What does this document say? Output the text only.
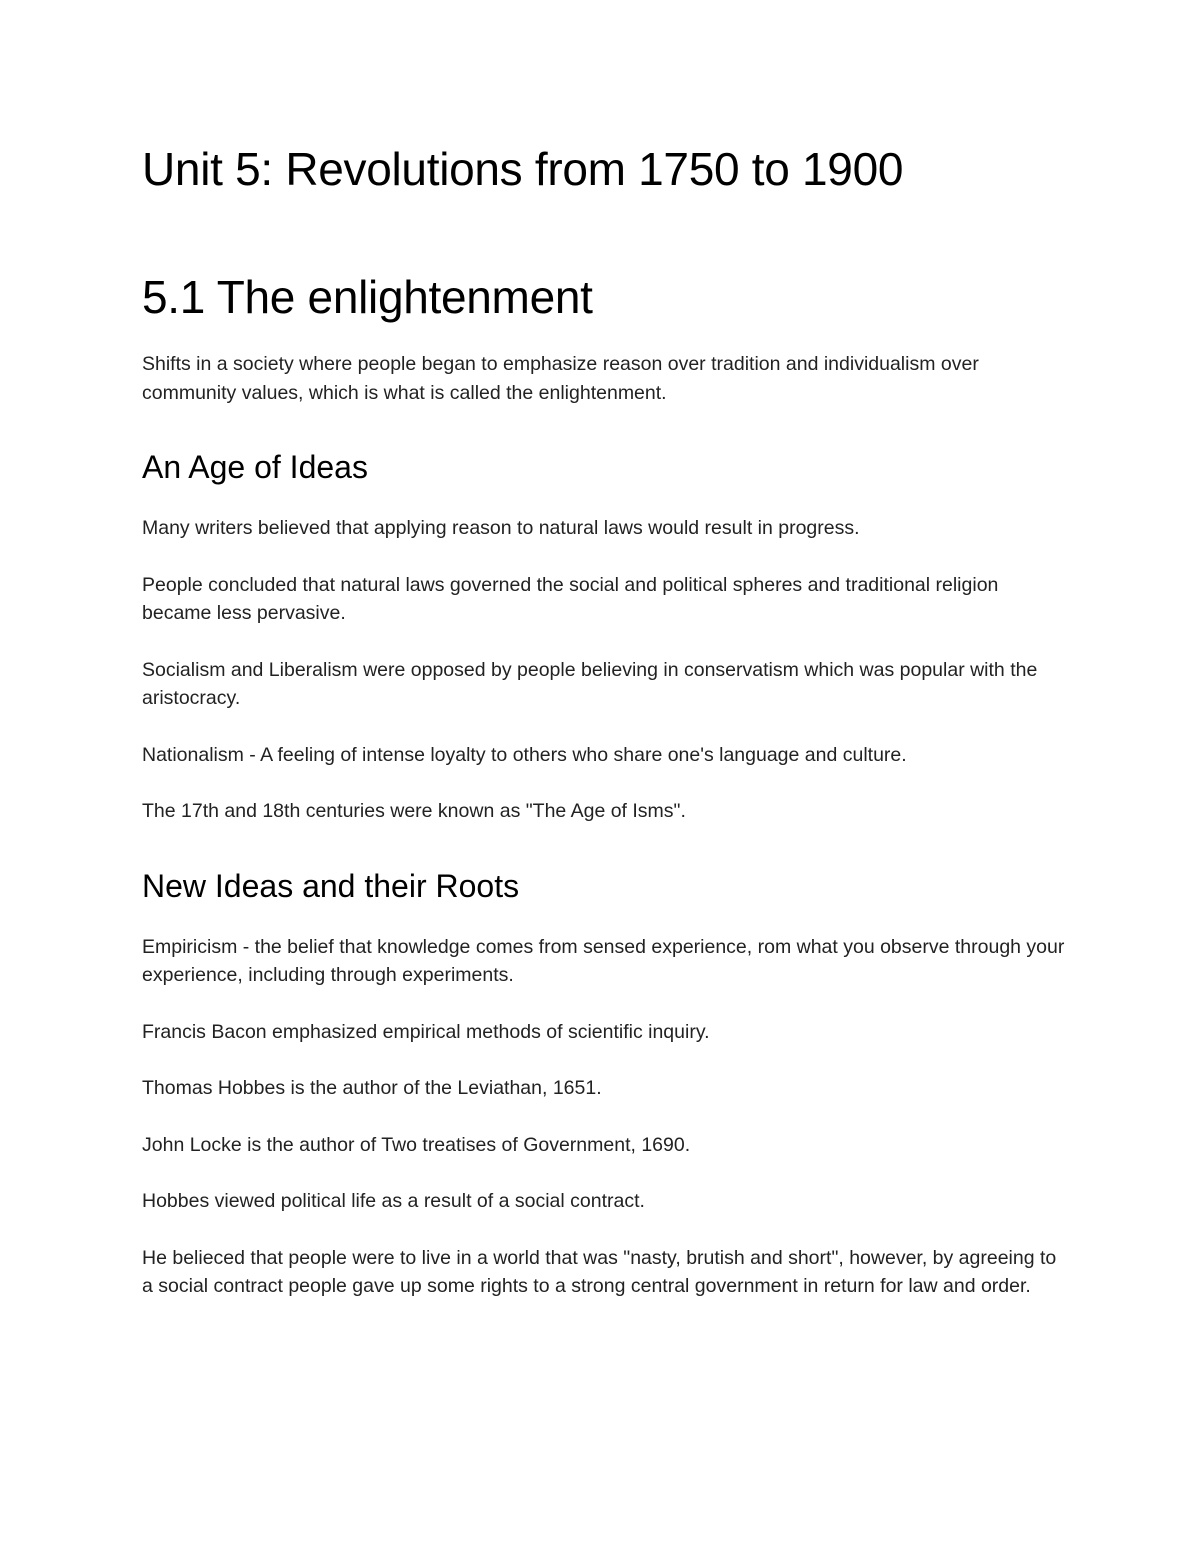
Unit 5: Revolutions from 1750 to 1900
5.1 The enlightenment

Shifts in a society where people began to emphasize reason over tradition and individualism over community values, which is what is called the enlightenment.

An Age of Ideas

Many writers believed that applying reason to natural laws would result in progress.

People concluded that natural laws governed the social and political spheres and traditional religion became less pervasive.

Socialism and Liberalism were opposed by people believing in conservatism which was popular with the aristocracy.

Nationalism - A feeling of intense loyalty to others who share one's language and culture.

The 17th and 18th centuries were known as "The Age of Isms".

New Ideas and their Roots

Empiricism - the belief that knowledge comes from sensed experience, rom what you observe through your experience, including through experiments.

Francis Bacon emphasized empirical methods of scientific inquiry.

Thomas Hobbes is the author of the Leviathan, 1651.

John Locke is the author of Two treatises of Government, 1690.

Hobbes viewed political life as a result of a social contract.

He belieced that people were to live in a world that was "nasty, brutish and short", however, by agreeing to a social contract people gave up some rights to a strong central government in return for law and order.
